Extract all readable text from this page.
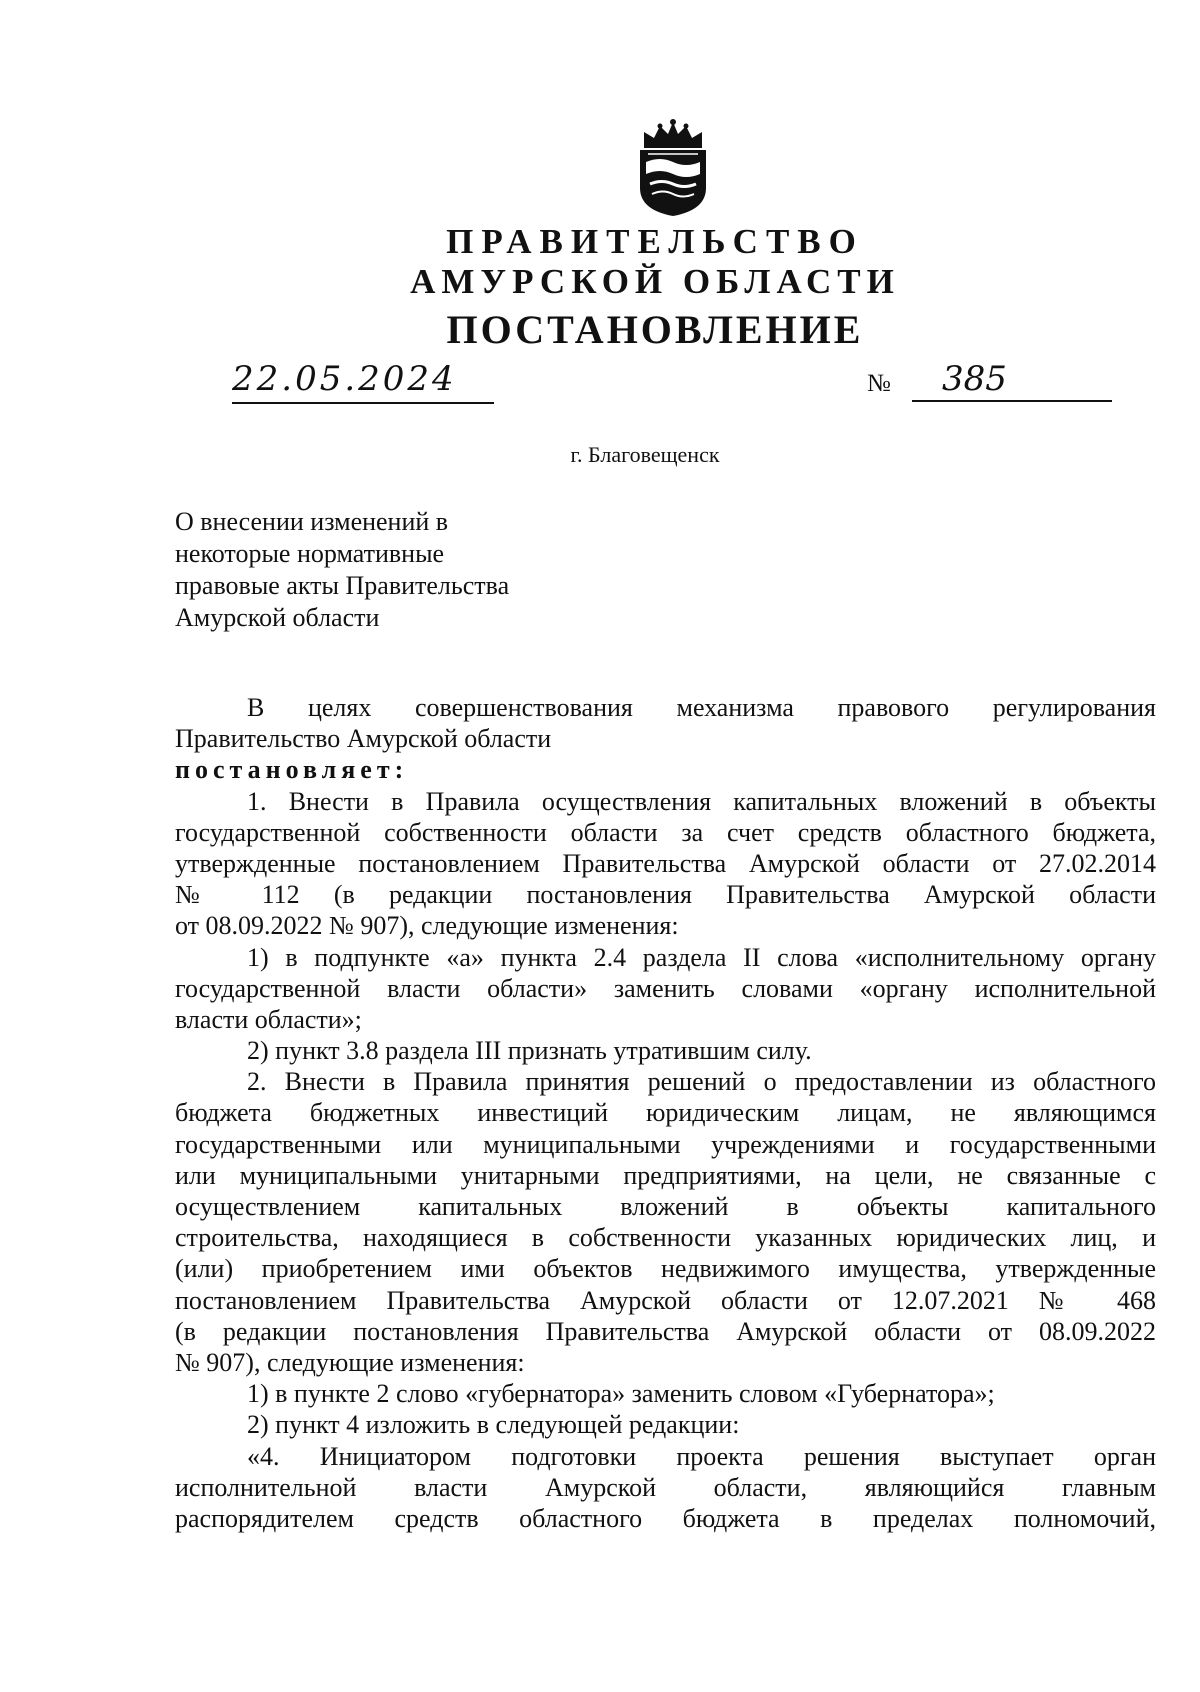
ПРАВИТЕЛЬСТВО
АМУРСКОЙ ОБЛАСТИ
ПОСТАНОВЛЕНИЕ
22.05.2024	№	385
г. Благовещенск
О внесении изменений в
некоторые нормативные
правовые акты Правительства
Амурской области
В целях совершенствования механизма правового регулирования
Правительство Амурской области
постановляет:
1. Внести в Правила осуществления капитальных вложений в объекты
государственной собственности области за счет средств областного бюджета,
утвержденные постановлением Правительства Амурской области от 27.02.2014
№ 112 (в редакции постановления Правительства Амурской области
от 08.09.2022 № 907), следующие изменения:
1) в подпункте «а» пункта 2.4 раздела II слова «исполнительному органу
государственной власти области» заменить словами «органу исполнительной
власти области»;
2) пункт 3.8 раздела III признать утратившим силу.
2. Внести в Правила принятия решений о предоставлении из областного
бюджета бюджетных инвестиций юридическим лицам, не являющимся
государственными или муниципальными учреждениями и государственными
или муниципальными унитарными предприятиями, на цели, не связанные с
осуществлением капитальных вложений в объекты капитального
строительства, находящиеся в собственности указанных юридических лиц, и
(или) приобретением ими объектов недвижимого имущества, утвержденные
постановлением Правительства Амурской области от 12.07.2021 № 468
(в редакции постановления Правительства Амурской области от 08.09.2022
№ 907), следующие изменения:
1) в пункте 2 слово «губернатора» заменить словом «Губернатора»;
2) пункт 4 изложить в следующей редакции:
«4. Инициатором подготовки проекта решения выступает орган
исполнительной власти Амурской области, являющийся главным
распорядителем средств областного бюджета в пределах полномочий,
